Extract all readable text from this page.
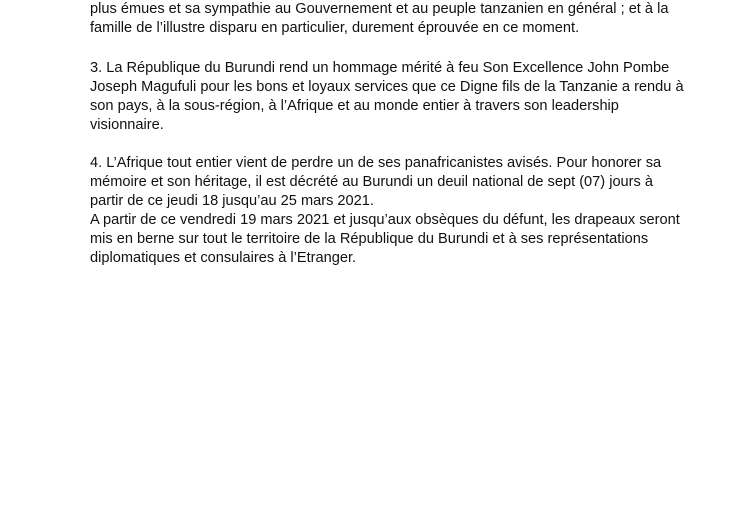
plus émues et sa sympathie au Gouvernement et au peuple tanzanien en général ; et à la
famille de l’illustre disparu en particulier, durement éprouvée en ce moment.
3. La République du Burundi rend un hommage mérité à feu Son Excellence John Pombe
Joseph Magufuli pour les bons et loyaux services que ce Digne fils de la Tanzanie a rendu à
son pays, à la sous-région, à l’Afrique et au monde entier à travers son leadership
visionnaire.
4. L’Afrique tout entier vient de perdre un de ses panafricanistes avisés. Pour honorer sa
mémoire et son héritage, il est décrété au Burundi un deuil national de sept (07) jours à
partir de ce jeudi 18 jusqu’au 25 mars 2021.
A partir de ce vendredi 19 mars 2021 et jusqu’aux obsèques du défunt, les drapeaux seront
mis en berne sur tout le territoire de la République du Burundi et à ses représentations
diplomatiques et consulaires à l’Etranger.
